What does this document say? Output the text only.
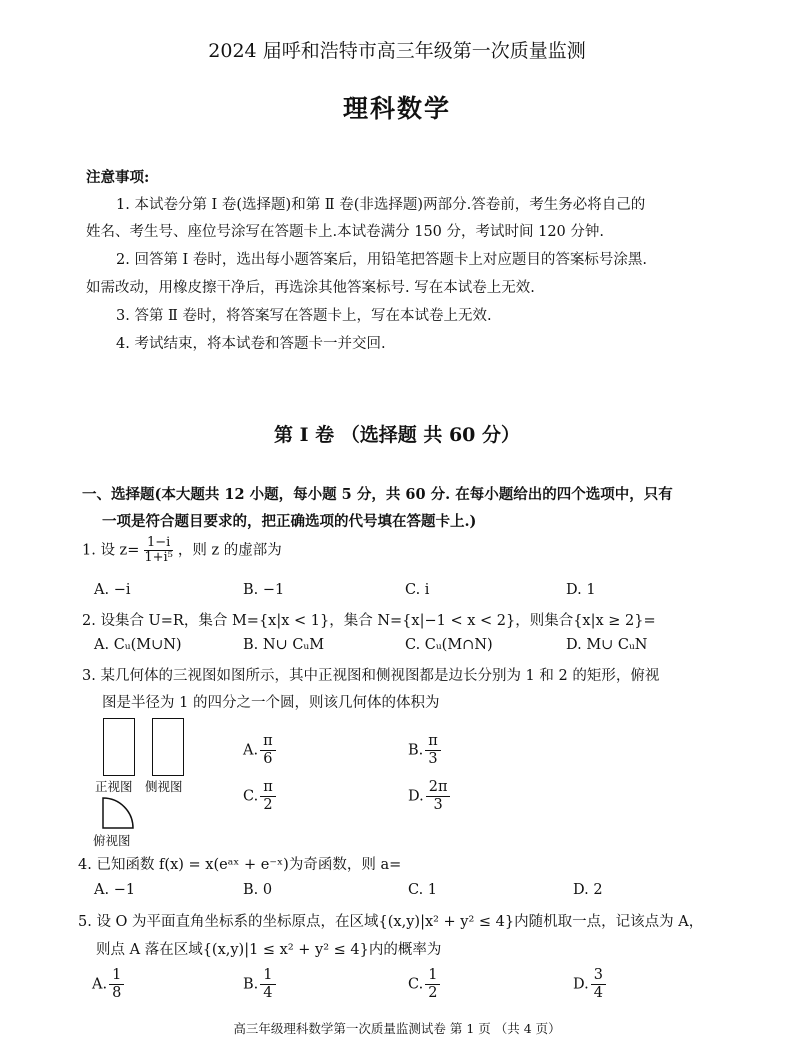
2024 届呼和浩特市高三年级第一次质量监测
理科数学
注意事项:
1. 本试卷分第 Ⅰ 卷(选择题)和第 Ⅱ 卷(非选择题)两部分.答卷前，考生务必将自己的
姓名、考生号、座位号涂写在答题卡上.本试卷满分 150 分，考试时间 120 分钟.
2. 回答第 Ⅰ 卷时，选出每小题答案后，用铅笔把答题卡上对应题目的答案标号涂黑.
如需改动，用橡皮擦干净后，再选涂其他答案标号. 写在本试卷上无效.
3. 答第 Ⅱ 卷时，将答案写在答题卡上，写在本试卷上无效.
4. 考试结束，将本试卷和答题卡一并交回.
第 Ⅰ 卷 （选择题 共 60 分）
一、选择题(本大题共 12 小题，每小题 5 分，共 60 分. 在每小题给出的四个选项中，只有
一项是符合题目要求的，把正确选项的代号填在答题卡上.)
1. 设 $z= \frac{1-i}{\text{1+i⁵}}$ ，则 z 的虚部为
A. −i	B. −1	C. i	D. 1
2. 设集合 U=R，集合 M={x|x < 1}，集合 N={x|−1 < x < 2}，则集合{x|x ≥ 2}=
A. Cᵤ(M∪N)	B. N∪ CᵤM	C. Cᵤ(M∩N)	D. M∪ CᵤN
3. 某几何体的三视图如图所示，其中正视图和侧视图都是边长分别为 1 和 2 的矩形，俯视
图是半径为 1 的四分之一个圆，则该几何体的体积为
正视图 侧视图
俯视图
A. $\frac{\pi}{6}$	B. $\frac{\pi}{3}$
C. $\frac{\pi}{2}$	D. $\frac{2\pi}{3}$
4. 已知函数 f(x) = x(eᵃˣ + e⁻ˣ)为奇函数，则 a=
A. −1	B. 0	C. 1	D. 2
5. 设 O 为平面直角坐标系的坐标原点，在区域{(x,y)|x² + y² ≤ 4}内随机取一点，记该点为 A，
则点 A 落在区域{(x,y)|1 ≤ x² + y² ≤ 4}内的概率为
A. $\frac{1}{8}$	B. $\frac{1}{4}$	C. $\frac{1}{2}$	D. $\frac{3}{4}$
高三年级理科数学第一次质量监测试卷 第 1 页 （共 4 页）
